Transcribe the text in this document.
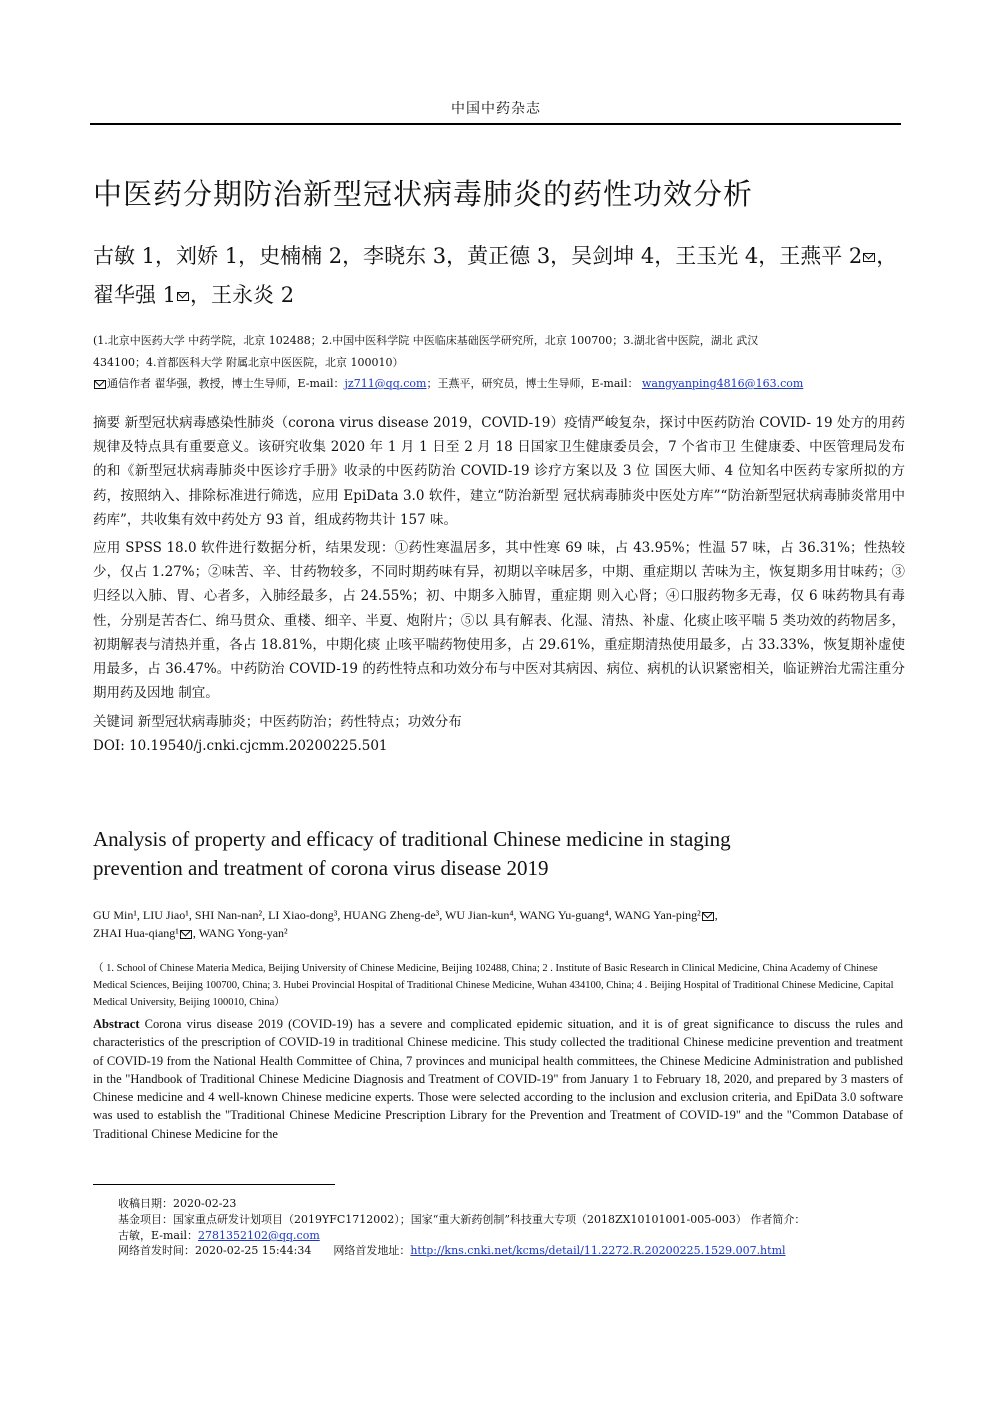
中国中药杂志
中医药分期防治新型冠状病毒肺炎的药性功效分析
古敏 1，刘娇 1，史楠楠 2，李晓东 3，黄正德 3，吴剑坤 4，王玉光 4，王燕平 2 ，
翟华强 1 ，王永炎 2
(1.北京中医药大学 中药学院，北京 102488；2.中国中医科学院 中医临床基础医学研究所，北京 100700；3.湖北省中医院，湖北 武汉
434100；4.首都医科大学 附属北京中医医院，北京 100010）
通信作者 翟华强，教授，博士生导师，E-mail：jz711@qq.com；王燕平，研究员，博士生导师，E-mail： wangyanping4816@163.com
摘要 新型冠状病毒感染性肺炎（corona virus disease 2019，COVID-19）疫情严峻复杂，探讨中医药防治 COVID- 19 处方的用药规律及特点具有重要意义。该研究收集 2020 年 1 月 1 日至 2 月 18 日国家卫生健康委员会，7 个省市卫 生健康委、中医管理局发布的和《新型冠状病毒肺炎中医诊疗手册》收录的中医药防治 COVID-19 诊疗方案以及 3 位 国医大师、4 位知名中医药专家所拟的方药，按照纳入、排除标准进行筛选，应用 EpiData 3.0 软件，建立“防治新型 冠状病毒肺炎中医处方库”“防治新型冠状病毒肺炎常用中药库”，共收集有效中药处方 93 首，组成药物共计 157 味。
应用 SPSS 18.0 软件进行数据分析，结果发现：①药性寒温居多，其中性寒 69 味，占 43.95%；性温 57 味，占 36.31%；性热较少，仅占 1.27%；②味苦、辛、甘药物较多，不同时期药味有异，初期以辛味居多，中期、重症期以 苦味为主，恢复期多用甘味药；③归经以入肺、胃、心者多，入肺经最多，占 24.55%；初、中期多入肺胃，重症期 则入心肾；④口服药物多无毒，仅 6 味药物具有毒性，分别是苦杏仁、绵马贯众、重楼、细辛、半夏、炮附片；⑤以 具有解表、化湿、清热、补虚、化痰止咳平喘 5 类功效的药物居多，初期解表与清热并重，各占 18.81%，中期化痰 止咳平喘药物使用多，占 29.61%，重症期清热使用最多，占 33.33%，恢复期补虚使用最多，占 36.47%。中药防治 COVID-19 的药性特点和功效分布与中医对其病因、病位、病机的认识紧密相关，临证辨治尤需注重分期用药及因地 制宜。
关键词 新型冠状病毒肺炎；中医药防治；药性特点；功效分布
DOI: 10.19540/j.cnki.cjcmm.20200225.501
Analysis of property and efficacy of traditional Chinese medicine in staging
prevention and treatment of corona virus disease 2019
GU Min¹, LIU Jiao¹, SHI Nan-nan², LI Xiao-dong³, HUANG Zheng-de³, WU Jian-kun⁴, WANG Yu-guang⁴, WANG Yan-ping² ,
ZHAI Hua-qiang¹ , WANG Yong-yan²
（ 1. School of Chinese Materia Medica, Beijing University of Chinese Medicine, Beijing 102488, China; 2 . Institute of Basic Research in Clinical Medicine, China Academy of Chinese Medical Sciences, Beijing 100700, China; 3. Hubei Provincial Hospital of Traditional Chinese Medicine, Wuhan 434100, China; 4 . Beijing Hospital of Traditional Chinese Medicine, Capital Medical University, Beijing 100010, China）
Abstract Corona virus disease 2019 (COVID-19) has a severe and complicated epidemic situation, and it is of great significance to discuss the rules and characteristics of the prescription of COVID-19 in traditional Chinese medicine. This study collected the traditional Chinese medicine prevention and treatment of COVID-19 from the National Health Committee of China, 7 provinces and municipal health committees, the Chinese Medicine Administration and published in the "Handbook of Traditional Chinese Medicine Diagnosis and Treatment of COVID-19" from January 1 to February 18, 2020, and prepared by 3 masters of Chinese medicine and 4 well-known Chinese medicine experts. Those were selected according to the inclusion and exclusion criteria, and EpiData 3.0 software was used to establish the "Traditional Chinese Medicine Prescription Library for the Prevention and Treatment of COVID-19" and the "Common Database of Traditional Chinese Medicine for the
收稿日期：2020-02-23
基金项目：国家重点研发计划项目（2019YFC1712002）；国家“重大新药创制”科技重大专项（2018ZX10101001-005-003） 作者简介：
古敏，E-mail：2781352102@qq.com
网络首发时间：2020-02-25 15:44:34 网络首发地址：http://kns.cnki.net/kcms/detail/11.2272.R.20200225.1529.007.html
